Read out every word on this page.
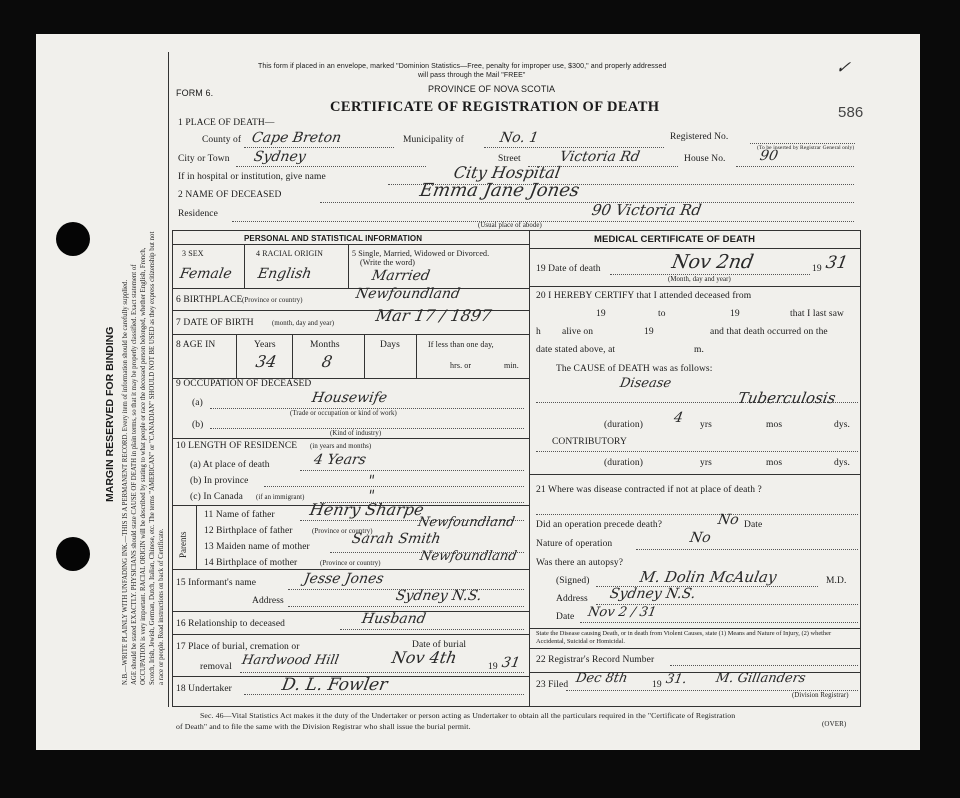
MARGIN RESERVED FOR BINDING N.B.—WRITE PLAINLY WITH UNFADING INK.—THIS IS A PERMANENT RECORD. Every item of information should be carefully supplied. AGE should be stated EXACTLY. PHYSICIANS should state CAUSE OF DEATH in plain terms, so that it may be properly classified. Exact statement of OCCUPATION is very important. RACIAL ORIGIN will be described by stating to what people or race the deceased person belonged, whether English, French, Scotch, Irish, Jewish, German, Dutch, Italian, Chinese, etc. The terms "AMERICAN" or "CANADIAN" SHOULD NOT BE USED as they express citizenship but not a race or people. Read instructions on back of Certificate.
This form if placed in an envelope, marked "Dominion Statistics—Free, penalty for improper use, $300," and properly addressed
will pass through the Mail "FREE"
PROVINCE OF NOVA SCOTIA
FORM 6.
CERTIFICATE OF REGISTRATION OF DEATH
✓
586
1 PLACE OF DEATH—
County of Cape Breton	Municipality of No. 1	Registered No.
(To be inserted by Registrar General only)
City or Town Sydney	Street	Victoria Rd	House No. 90
If in hospital or institution, give name	City Hospital
2 NAME OF DECEASED	Emma Jane Jones
Residence	90 Victoria Rd
(Usual place of abode)
PERSONAL AND STATISTICAL INFORMATION
3 SEX	4 RACIAL ORIGIN	5 Single, Married, Widowed or Divorced.
(Write the word)
Female English	Married
6 BIRTHPLACE (Province or country)	Newfoundland
7 DATE OF BIRTH	(month, day and year)	Mar 17 / 1897
8 AGE IN	Years	Months	Days
34	8
If less than one day,
hrs. or	min.
9 OCCUPATION OF DECEASED
(a)	Housewife
(Trade or occupation or kind of work)
(b)
(Kind of industry)
10 LENGTH OF RESIDENCE (in years and months)
(a) At place of death	4 Years
(b) In province	"
(c) In Canada (if an immigrant)	"
Parents
11 Name of father Henry Sharpe
12 Birthplace of father	(Province or country)
Newfoundland
13 Maiden name of mother	Sarah Smith
14 Birthplace of mother	(Province or country)	Newfoundland
15 Informant's name	Jesse Jones
Address	Sydney N.S.
16 Relationship to deceased	Husband
17 Place of burial, cremation or	Date of burial
removal Hardwood Hill	Nov 4th	19 31
18 Undertaker	D. L. Fowler
MEDICAL CERTIFICATE OF DEATH
19 Date of death	Nov 2nd	19 31
(Month, day and year)
20 I HEREBY CERTIFY that I attended deceased from
19	to	19	that I last saw
h alive on	19	and that death occurred on the
date stated above, at	m.
The CAUSE of DEATH was as follows:
Disease
Tuberculosis
(duration) 4 yrs	mos	dys.
CONTRIBUTORY
(duration)	yrs	mos	dys.
21 Where was disease contracted if not at place of death ?
Did an operation precede death?	No Date
Nature of operation	No
Was there an autopsy?
(Signed)	M. Dolin McAulay	M.D.
Address Sydney N.S.
Date Nov 2 / 31
State the Disease causing Death, or in death from Violent Causes, state (1) Means and Nature of Injury, (2) whether Accidental, Suicidal or Homicidal.
22 Registrar's Record Number
23 Filed Dec 8th 19 31. M. Gillanders
(Division Registrar)
Sec. 46—Vital Statistics Act makes it the duty of the Undertaker or person acting as Undertaker to obtain all the particulars required in the "Certificate of Registration
of Death" and to file the same with the Division Registrar who shall issue the burial permit.	(OVER)
